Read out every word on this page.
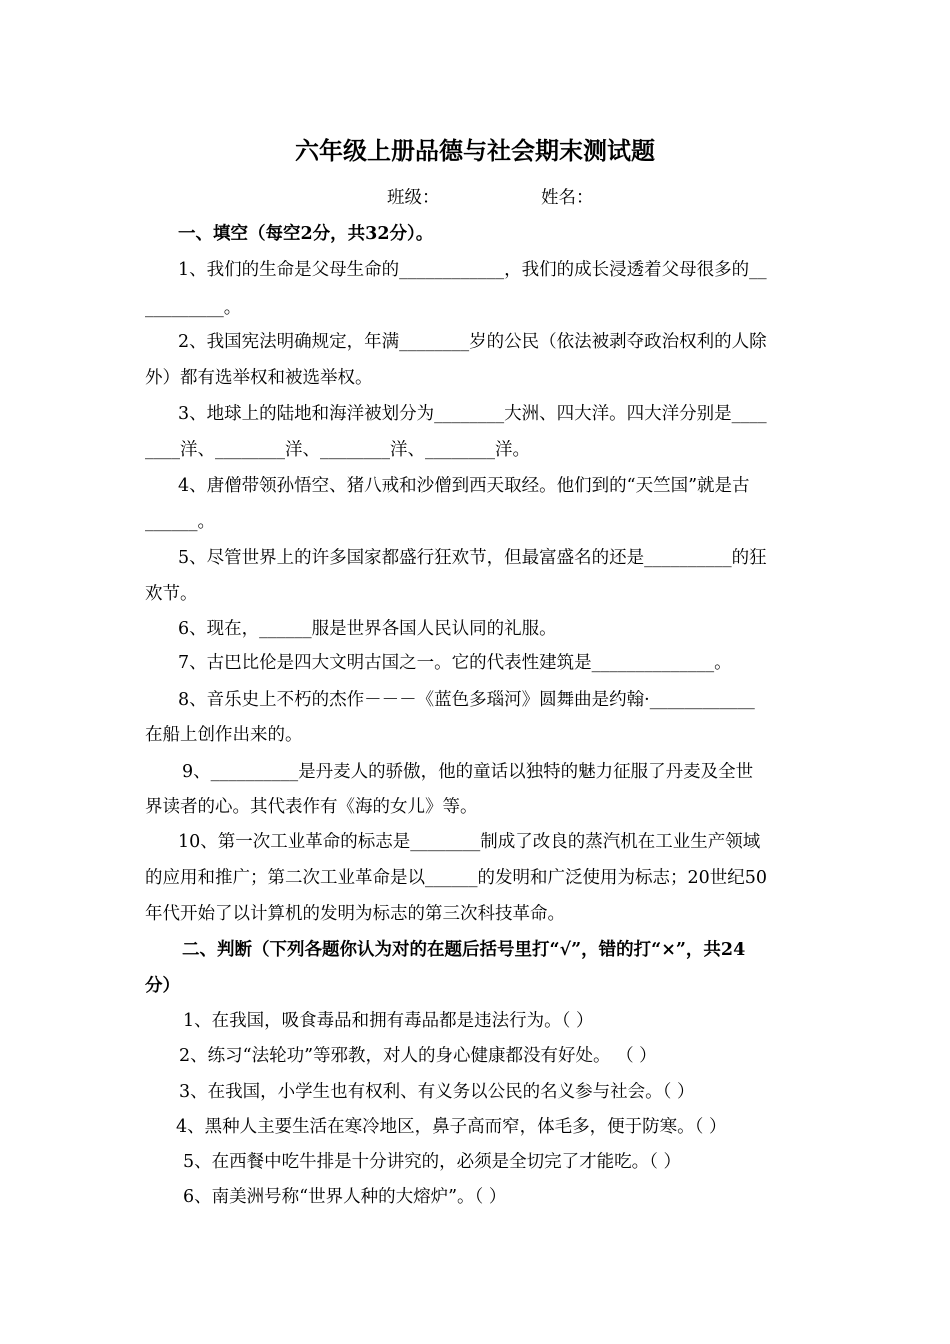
六年级上册品德与社会期末测试题
班级：	姓名：
一、填空（每空2分，共32分）。
1、我们的生命是父母生命的____________，我们的成长浸透着父母很多的__
_________。
2、我国宪法明确规定，年满________岁的公民（依法被剥夺政治权利的人除
外）都有选举权和被选举权。
3、地球上的陆地和海洋被划分为________大洲、四大洋。四大洋分别是____
____洋、________洋、________洋、________洋。
4、唐僧带领孙悟空、猪八戒和沙僧到西天取经。他们到的“天竺国”就是古
______。
5、尽管世界上的许多国家都盛行狂欢节，但最富盛名的还是__________的狂
欢节。
6、现在，______服是世界各国人民认同的礼服。
7、古巴比伦是四大文明古国之一。它的代表性建筑是______________。
8、音乐史上不朽的杰作－－－《蓝色多瑙河》圆舞曲是约翰·____________
在船上创作出来的。
9、__________是丹麦人的骄傲，他的童话以独特的魅力征服了丹麦及全世
界读者的心。其代表作有《海的女儿》等。
10、第一次工业革命的标志是________制成了改良的蒸汽机在工业生产领域
的应用和推广；第二次工业革命是以______的发明和广泛使用为标志；20世纪50
年代开始了以计算机的发明为标志的第三次科技革命。
二、判断（下列各题你认为对的在题后括号里打“√”，错的打“×”，共24
分）
1、在我国，吸食毒品和拥有毒品都是违法行为。（ ）
2、练习“法轮功”等邪教，对人的身心健康都没有好处。 （ ）
3、在我国，小学生也有权利、有义务以公民的名义参与社会。（ ）
4、黑种人主要生活在寒冷地区，鼻子高而窄，体毛多，便于防寒。（ ）
5、在西餐中吃牛排是十分讲究的，必须是全切完了才能吃。（ ）
6、南美洲号称“世界人种的大熔炉”。（ ）
